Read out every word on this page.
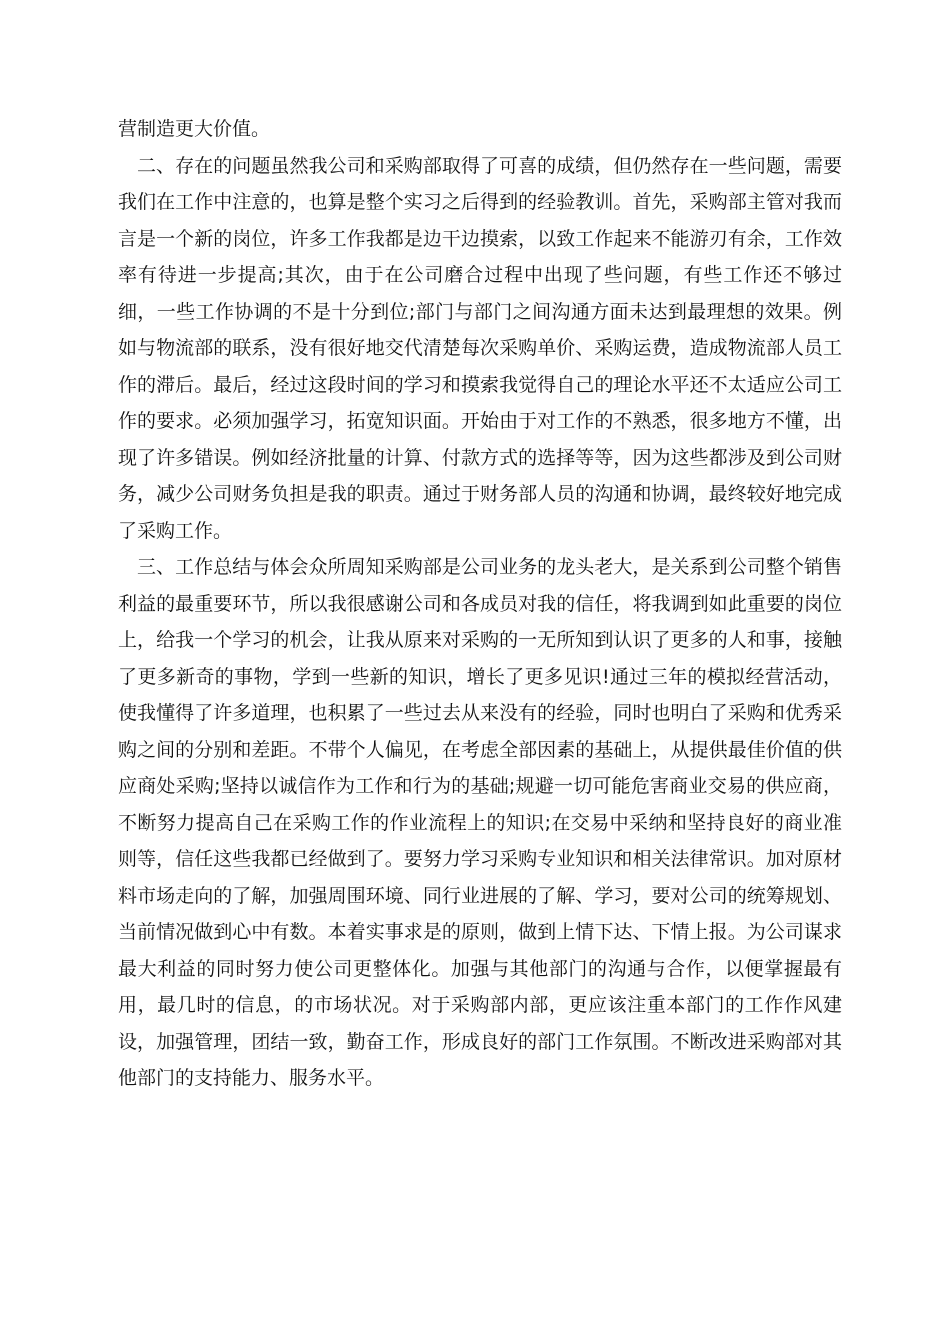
营制造更大价值。

二、存在的问题虽然我公司和采购部取得了可喜的成绩，但仍然存在一些问题，需要我们在工作中注意的，也算是整个实习之后得到的经验教训。首先，采购部主管对我而言是一个新的岗位，许多工作我都是边干边摸索，以致工作起来不能游刃有余，工作效率有待进一步提高;其次，由于在公司磨合过程中出现了些问题，有些工作还不够过细，一些工作协调的不是十分到位;部门与部门之间沟通方面未达到最理想的效果。例如与物流部的联系，没有很好地交代清楚每次采购单价、采购运费，造成物流部人员工作的滞后。最后，经过这段时间的学习和摸索我觉得自己的理论水平还不太适应公司工作的要求。必须加强学习，拓宽知识面。开始由于对工作的不熟悉，很多地方不懂，出现了许多错误。例如经济批量的计算、付款方式的选择等等，因为这些都涉及到公司财务，减少公司财务负担是我的职责。通过于财务部人员的沟通和协调，最终较好地完成了采购工作。

三、工作总结与体会众所周知采购部是公司业务的龙头老大，是关系到公司整个销售利益的最重要环节，所以我很感谢公司和各成员对我的信任，将我调到如此重要的岗位上，给我一个学习的机会，让我从原来对采购的一无所知到认识了更多的人和事，接触了更多新奇的事物，学到一些新的知识，增长了更多见识!通过三年的模拟经营活动，使我懂得了许多道理，也积累了一些过去从来没有的经验，同时也明白了采购和优秀采购之间的分别和差距。不带个人偏见，在考虑全部因素的基础上，从提供最佳价值的供应商处采购;坚持以诚信作为工作和行为的基础;规避一切可能危害商业交易的供应商，不断努力提高自己在采购工作的作业流程上的知识;在交易中采纳和坚持良好的商业准则等，信任这些我都已经做到了。要努力学习采购专业知识和相关法律常识。加对原材料市场走向的了解，加强周围环境、同行业进展的了解、学习，要对公司的统筹规划、当前情况做到心中有数。本着实事求是的原则，做到上情下达、下情上报。为公司谋求最大利益的同时努力使公司更整体化。加强与其他部门的沟通与合作，以便掌握最有用，最几时的信息，的市场状况。对于采购部内部，更应该注重本部门的工作作风建设，加强管理，团结一致，勤奋工作，形成良好的部门工作氛围。不断改进采购部对其他部门的支持能力、服务水平。
